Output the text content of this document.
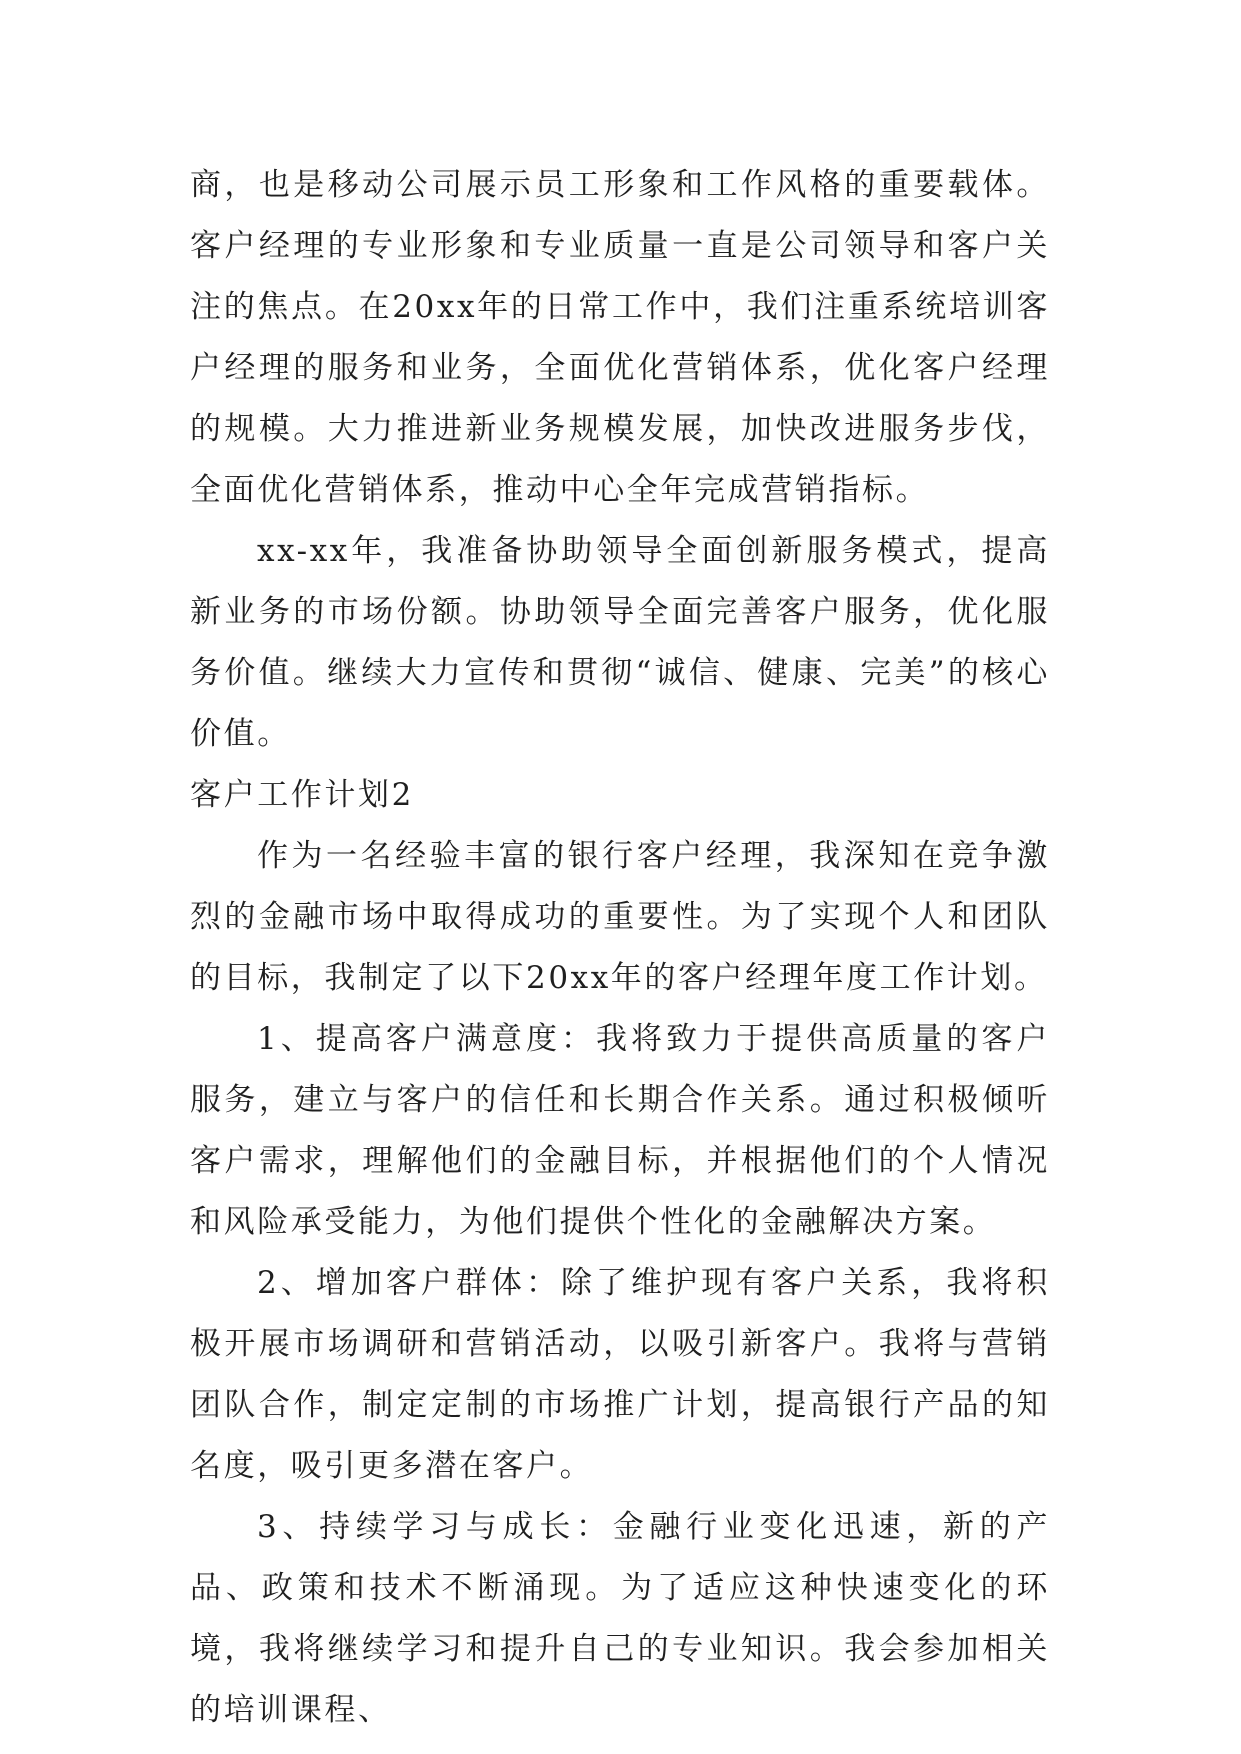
商，也是移动公司展示员工形象和工作风格的重要载体。客户经理的专业形象和专业质量一直是公司领导和客户关注的焦点。在20xx年的日常工作中，我们注重系统培训客户经理的服务和业务，全面优化营销体系，优化客户经理的规模。大力推进新业务规模发展，加快改进服务步伐，全面优化营销体系，推动中心全年完成营销指标。

xx-xx年，我准备协助领导全面创新服务模式，提高新业务的市场份额。协助领导全面完善客户服务，优化服务价值。继续大力宣传和贯彻“诚信、健康、完美”的核心价值。

客户工作计划2

作为一名经验丰富的银行客户经理，我深知在竞争激烈的金融市场中取得成功的重要性。为了实现个人和团队的目标，我制定了以下20xx年的客户经理年度工作计划。

1、提高客户满意度：我将致力于提供高质量的客户服务，建立与客户的信任和长期合作关系。通过积极倾听客户需求，理解他们的金融目标，并根据他们的个人情况和风险承受能力，为他们提供个性化的金融解决方案。

2、增加客户群体：除了维护现有客户关系，我将积极开展市场调研和营销活动，以吸引新客户。我将与营销团队合作，制定定制的市场推广计划，提高银行产品的知名度，吸引更多潜在客户。

3、持续学习与成长：金融行业变化迅速，新的产品、政策和技术不断涌现。为了适应这种快速变化的环境，我将继续学习和提升自己的专业知识。我会参加相关的培训课程、
